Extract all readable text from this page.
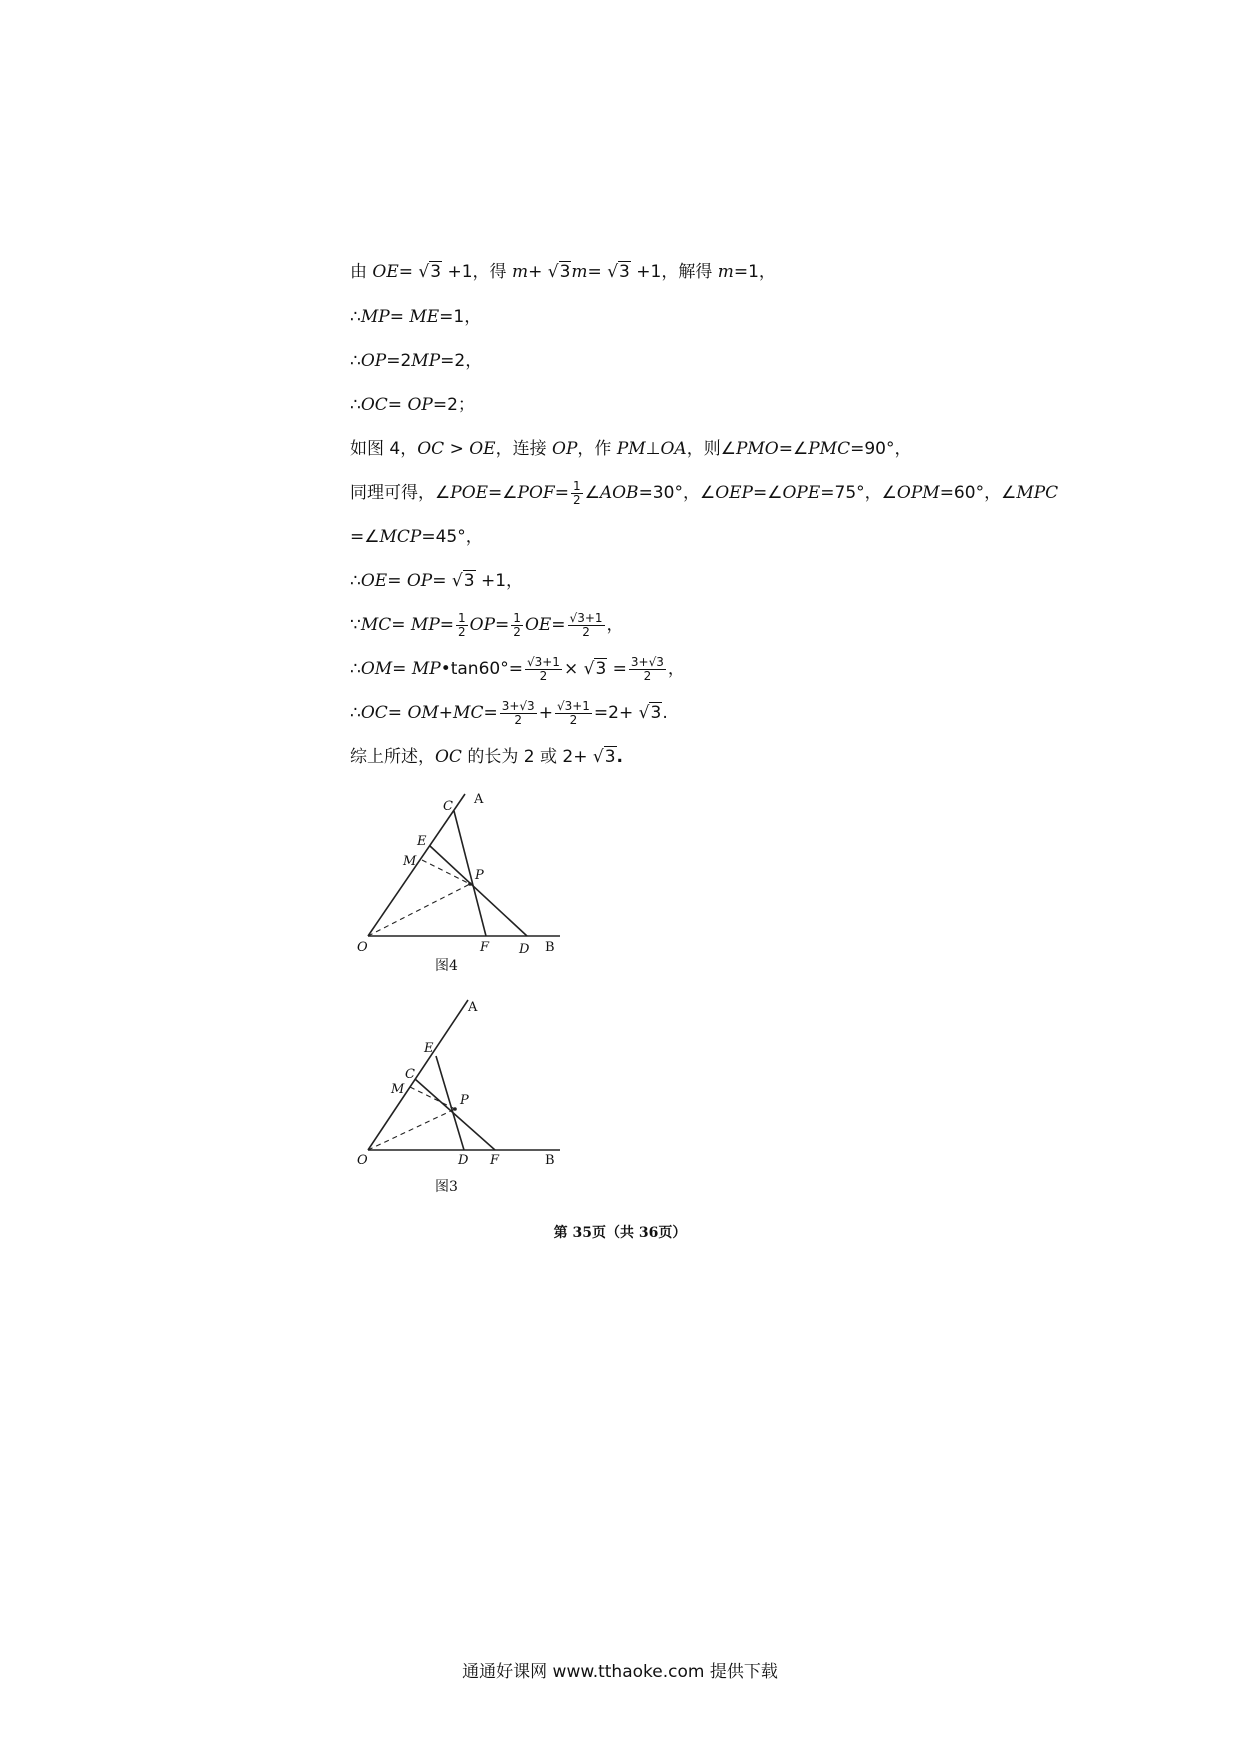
由 OE= √3 +1，得 m+ √3m= √3 +1，解得 m=1，
∴MP= ME=1，
∴OP=2MP=2，
∴OC= OP=2；
如图 4，OC > OE，连接 OP，作 PM⊥OA，则∠PMO=∠PMC=90°，
同理可得，∠POE=∠POF= $\frac{1}{2}$ ∠AOB=30°，∠OEP=∠OPE=75°，∠OPM=60°，∠MPC
=∠MCP=45°，
∴OE= OP= √3 +1，
∵MC= $MP= \frac{1}{2} OP= \frac{1}{2} OE= \frac{√3+1}{2}$ ，
∴OM= MP•tan60°= $\frac{√3+1}{2} \times √3 = \frac{3+√3}{2}$ ，
∴OC= $OM+MC= \frac{3+√3}{2} + \frac{√3+1}{2} =2+ √3$.
综上所述，OC 的长为 2 或 2+ √3.
A
C
E
M
P
O	F D B
图4
A
E
C
M
P
O	D F	B
图3
第 35页（共 36页）
通通好课网 www.tthaoke.com 提供下载
